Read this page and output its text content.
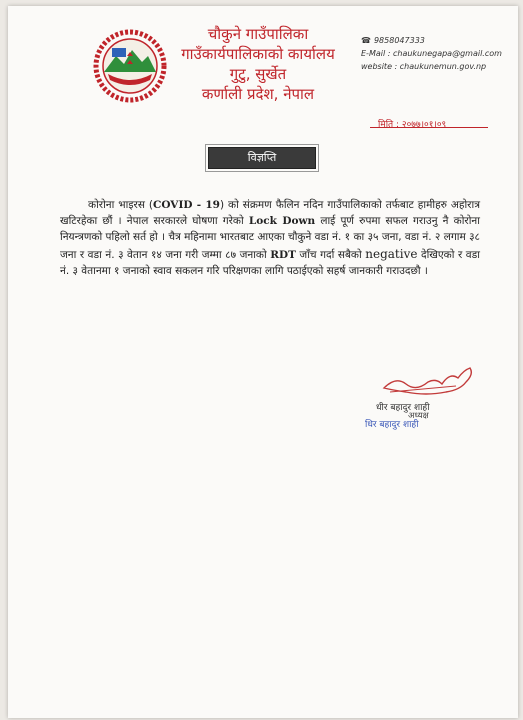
चौकुने गाउँपालिका
गाउँकार्यपालिकाको कार्यालय
गुटु, सुर्खेत
कर्णाली प्रदेश, नेपाल
☎ 9858047333
E-Mail : chaukunegapa@gmail.com
website : chaukunemun.gov.np
मिति : २०७७।०१।०९
विज्ञप्ति

कोरोना भाइरस (COVID - 19) को संक्रमण फैलिन नदिन गाउँपालिकाको तर्फबाट हामीहरु अहोरात्र खटिरहेका छौं । नेपाल सरकारले घोषणा गरेको Lock Down लाई पूर्ण रुपमा सफल गराउनु नै कोरोना नियन्त्रणको पहिलो सर्त हो । चैत्र महिनामा भारतबाट आएका चौकुने वडा नं. १ का ३५ जना, वडा नं. २ लगाम ३८ जना र वडा नं. ३ वेतान १४ जना गरी जम्मा ८७ जनाको RDT जाँच गर्दा सबैको negative देखिएको र वडा नं. ३ वेतानमा १ जनाको स्वाव सकलन गरि परिक्षणका लागि पठाईएको सहर्ष जानकारी गराउदछौ ।

धीर बहादुर शाही
अध्यक्ष
धिर बहादुर शाही
